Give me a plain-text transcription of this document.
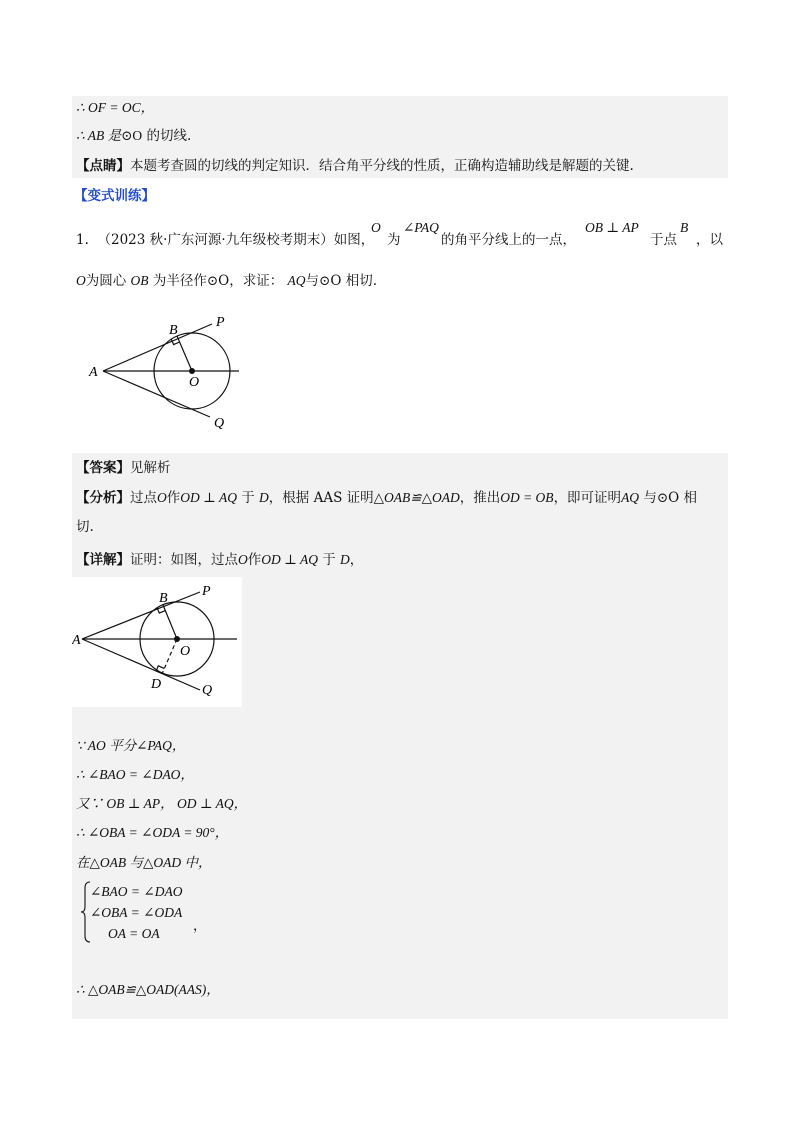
∴ OF = OC，
∴ AB 是⊙O 的切线.
【点睛】本题考查圆的切线的判定知识．结合角平分线的性质，正确构造辅助线是解题的关键.
【变式训练】
1. （2023 秋·广东河源·九年级校考期末）如图，
O
为
∠PAQ
的角平分线上的一点，
OB ⊥ AP
于点
B
，以
O为圆心 OB 为半径作⊙O，求证： AQ与⊙O 相切.
A
B
P
O
Q
【答案】见解析
【分析】过点O作OD ⊥ AQ 于 D，根据 AAS 证明△OAB≌△OAD，推出OD = OB，即可证明AQ 与⊙O 相
切.
【详解】证明：如图，过点O作OD ⊥ AQ 于 D，
A
B P
O
D	Q
∵ AO 平分∠PAQ，
∴ ∠BAO = ∠DAO，
又∵ OB ⊥ AP， OD ⊥ AQ，
∴ ∠OBA = ∠ODA = 90°，
在△OAB 与△OAD 中，
∠BAO = ∠DAO
∠OBA = ∠ODA
OA = OA ，
∴ △OAB≌△OAD(AAS)，
